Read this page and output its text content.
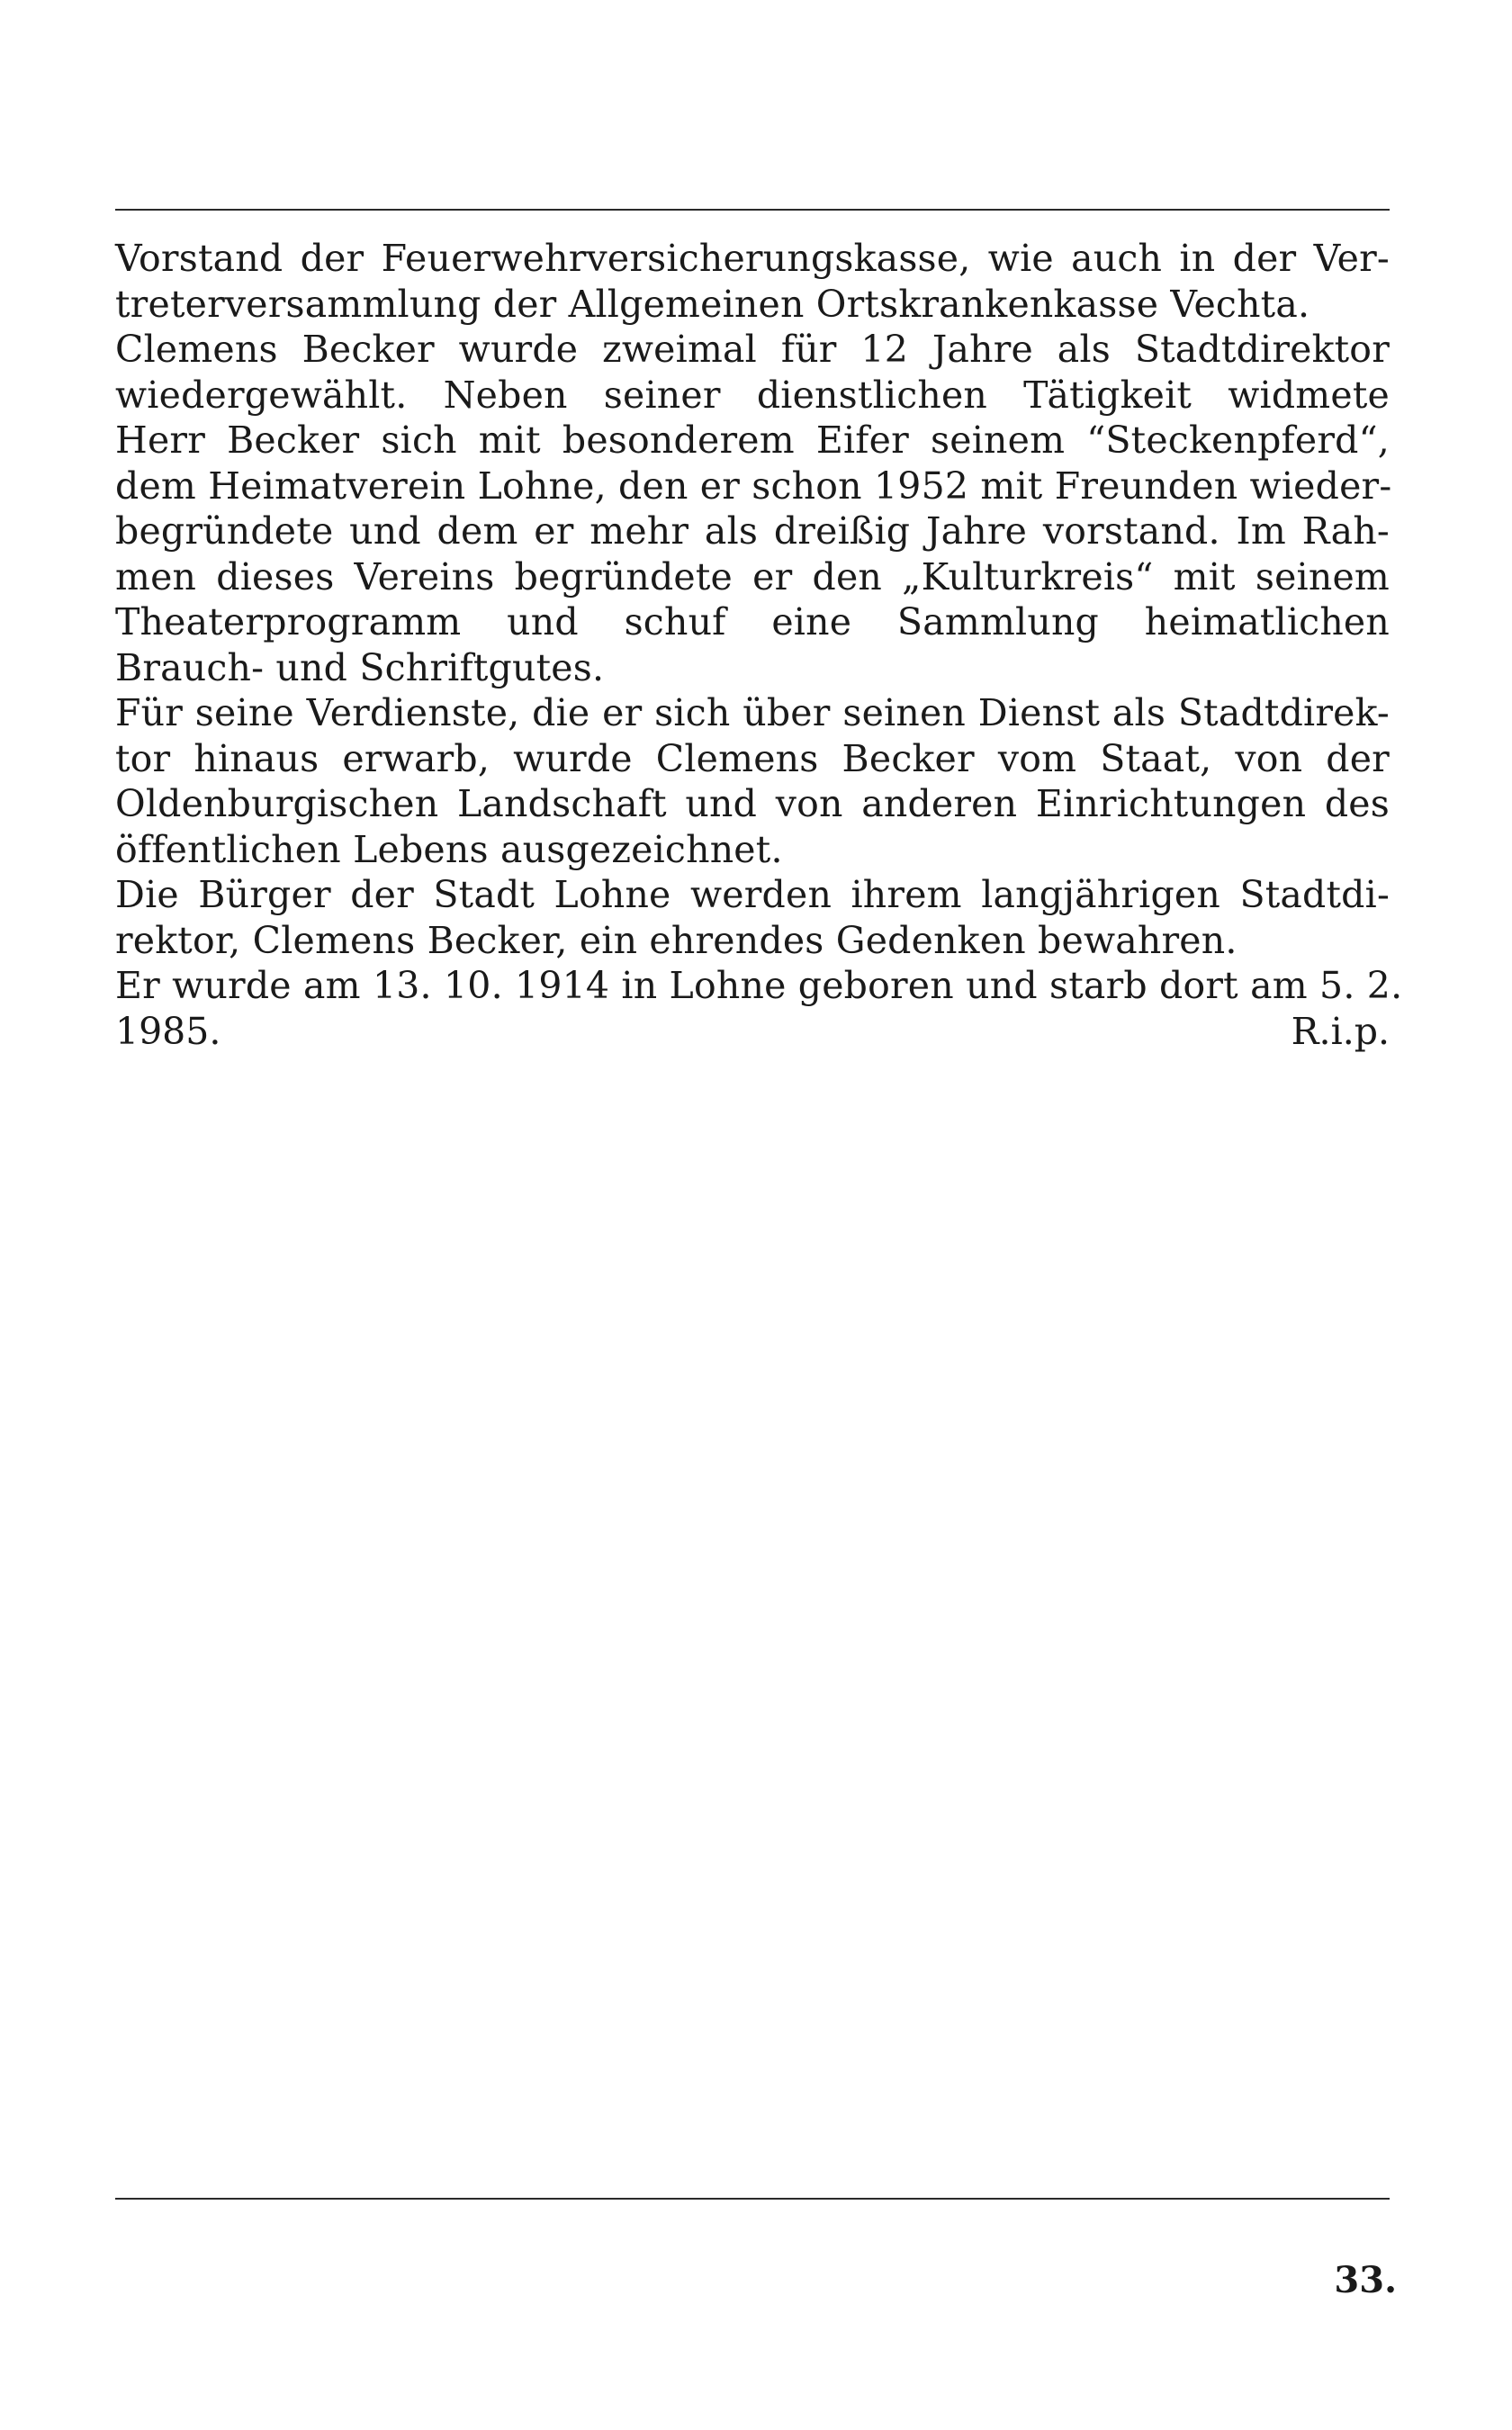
Vorstand der Feuerwehrversicherungskasse, wie auch in der Ver-
treterversammlung der Allgemeinen Ortskrankenkasse Vechta.
Clemens Becker wurde zweimal für 12 Jahre als Stadtdirektor
wiedergewählt. Neben seiner dienstlichen Tätigkeit widmete
Herr Becker sich mit besonderem Eifer seinem “Steckenpferd“,
dem Heimatverein Lohne, den er schon 1952 mit Freunden wieder-
begründete und dem er mehr als dreißig Jahre vorstand. Im Rah-
men dieses Vereins begründete er den „Kulturkreis“ mit seinem
Theaterprogramm und schuf eine Sammlung heimatlichen
Brauch- und Schriftgutes.
Für seine Verdienste, die er sich über seinen Dienst als Stadtdirek-
tor hinaus erwarb, wurde Clemens Becker vom Staat, von der
Oldenburgischen Landschaft und von anderen Einrichtungen des
öffentlichen Lebens ausgezeichnet.
Die Bürger der Stadt Lohne werden ihrem langjährigen Stadtdi-
rektor, Clemens Becker, ein ehrendes Gedenken bewahren.
Er wurde am 13. 10. 1914 in Lohne geboren und starb dort am 5. 2.
1985.	R.i.p.
33.
